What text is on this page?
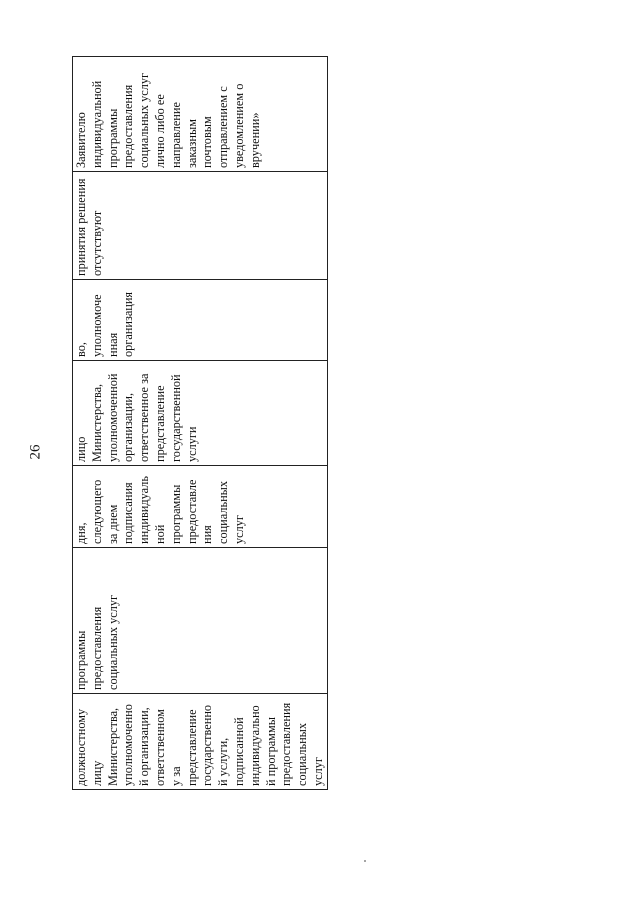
26
должностному
лицу
Министерства,
уполномоченно
й организации,
ответственном
у за
представление
государственно
й услуги,
подписанной
индивидуально
й программы
предоставления
социальных
услуг	программы
предоставления
социальных услуг	дня,
следующего
за днем
подписания
индивидуаль
ной
программы
предоставле
ния
социальных
услуг	лицо
Министерства,
уполномоченной
организации,
ответственное за
представление
государственной
услуги	во,
уполномоче
нная
организация	принятия решения
отсутствуют	Заявителю
индивидуальной
программы
предоставления
социальных услуг
лично либо ее
направление
заказным
почтовым
отправлением с
уведомлением о
вручении»
